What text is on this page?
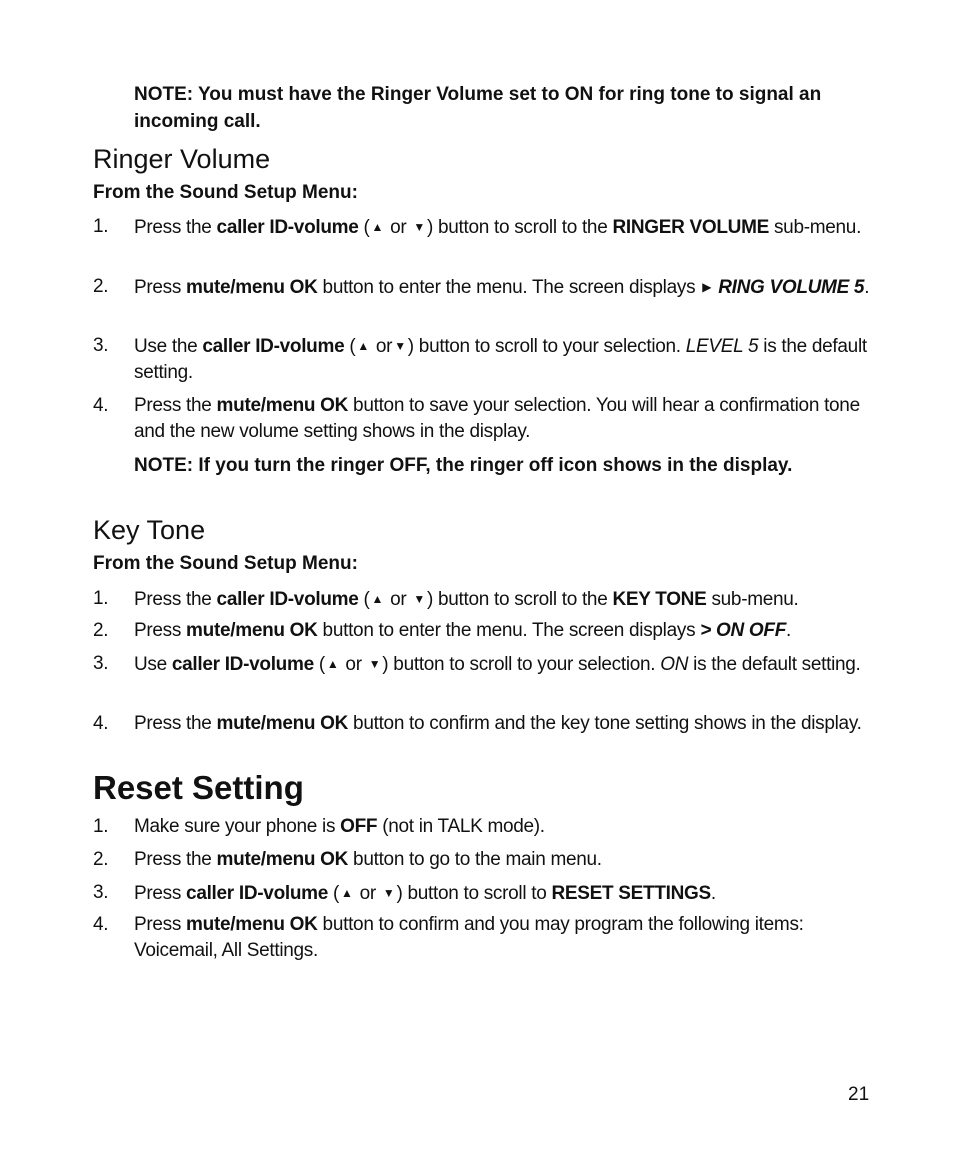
NOTE: You must have the Ringer Volume set to ON for ring tone to signal an incoming call.
Ringer Volume
From the Sound Setup Menu:
1.	Press the caller ID-volume ( ▲ or ▼ ) button to scroll to the RINGER VOLUME sub-menu.
2.	Press mute/menu OK button to enter the menu. The screen displays ▶ RING VOLUME 5.
3.	Use the caller ID-volume ( ▲ or ▼ ) button to scroll to your selection. LEVEL 5 is the default setting.
4.	Press the mute/menu OK button to save your selection. You will hear a confirmation tone and the new volume setting shows in the display.
NOTE: If you turn the ringer OFF, the ringer off icon shows in the display.
Key Tone
From the Sound Setup Menu:
1.	Press the caller ID-volume ( ▲ or ▼ ) button to scroll to the KEY TONE sub-menu.
2.	Press mute/menu OK button to enter the menu. The screen displays > ON OFF.
3.	Use caller ID-volume ( ▲ or ▼ ) button to scroll to your selection. ON is the default setting.
4.	Press the mute/menu OK button to confirm and the key tone setting shows in the display.
Reset Setting
1.	Make sure your phone is OFF (not in TALK mode).
2.	Press the mute/menu OK button to go to the main menu.
3.	Press caller ID-volume ( ▲ or ▼ ) button to scroll to RESET SETTINGS.
4.	Press mute/menu OK button to confirm and you may program the following items: Voicemail, All Settings.
21
